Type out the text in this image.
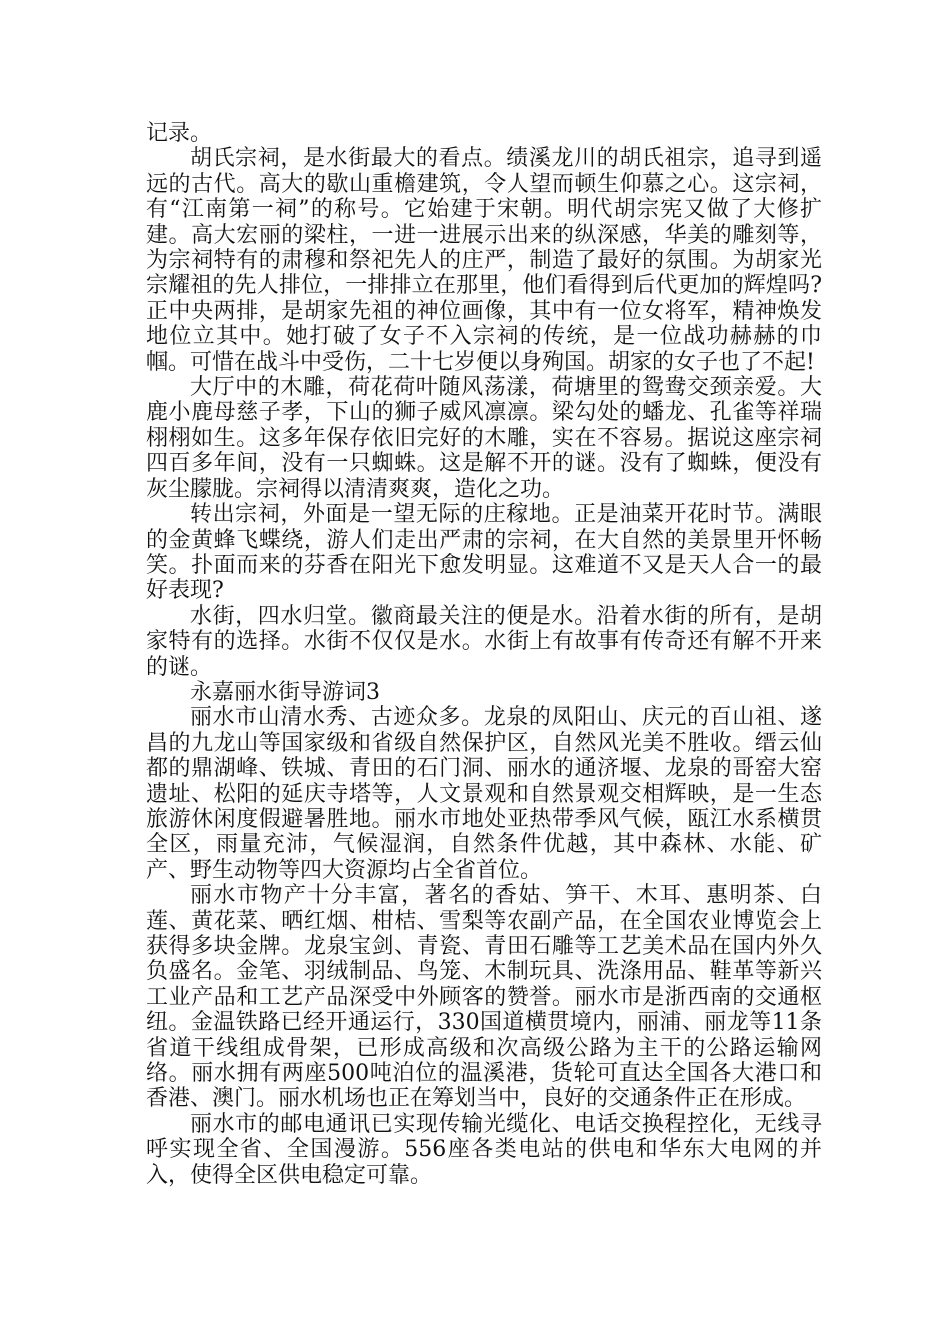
记录。

胡氏宗祠，是水街最大的看点。绩溪龙川的胡氏祖宗，追寻到遥远的古代。高大的歇山重檐建筑，令人望而顿生仰慕之心。这宗祠，有“江南第一祠”的称号。它始建于宋朝。明代胡宗宪又做了大修扩建。高大宏丽的梁柱，一进一进展示出来的纵深感，华美的雕刻等，为宗祠特有的肃穆和祭祀先人的庄严，制造了最好的氛围。为胡家光宗耀祖的先人排位，一排排立在那里，他们看得到后代更加的辉煌吗?正中央两排，是胡家先祖的神位画像，其中有一位女将军，精神焕发地位立其中。她打破了女子不入宗祠的传统，是一位战功赫赫的巾帼。可惜在战斗中受伤，二十七岁便以身殉国。胡家的女子也了不起!

大厅中的木雕，荷花荷叶随风荡漾，荷塘里的鸳鸯交颈亲爱。大鹿小鹿母慈子孝，下山的狮子威风凛凛。梁勾处的蟠龙、孔雀等祥瑞栩栩如生。这多年保存依旧完好的木雕，实在不容易。据说这座宗祠四百多年间，没有一只蜘蛛。这是解不开的谜。没有了蜘蛛，便没有灰尘朦胧。宗祠得以清清爽爽，造化之功。

转出宗祠，外面是一望无际的庄稼地。正是油菜开花时节。满眼的金黄蜂飞蝶绕，游人们走出严肃的宗祠，在大自然的美景里开怀畅笑。扑面而来的芬香在阳光下愈发明显。这难道不又是天人合一的最好表现?

水街，四水归堂。徽商最关注的便是水。沿着水街的所有，是胡家特有的选择。水街不仅仅是水。水街上有故事有传奇还有解不开来的谜。

永嘉丽水街导游词3

丽水市山清水秀、古迹众多。龙泉的凤阳山、庆元的百山祖、遂昌的九龙山等国家级和省级自然保护区，自然风光美不胜收。缙云仙都的鼎湖峰、铁城、青田的石门洞、丽水的通济堰、龙泉的哥窑大窑遗址、松阳的延庆寺塔等，人文景观和自然景观交相辉映，是一生态旅游休闲度假避暑胜地。丽水市地处亚热带季风气候，瓯江水系横贯全区，雨量充沛，气候湿润，自然条件优越，其中森林、水能、矿产、野生动物等四大资源均占全省首位。

丽水市物产十分丰富，著名的香姑、笋干、木耳、惠明茶、白莲、黄花菜、晒红烟、柑桔、雪梨等农副产品，在全国农业博览会上获得多块金牌。龙泉宝剑、青瓷、青田石雕等工艺美术品在国内外久负盛名。金笔、羽绒制品、鸟笼、木制玩具、洗涤用品、鞋革等新兴工业产品和工艺产品深受中外顾客的赞誉。丽水市是浙西南的交通枢纽。金温铁路已经开通运行，330国道横贯境内，丽浦、丽龙等11条省道干线组成骨架，已形成高级和次高级公路为主干的公路运输网络。丽水拥有两座500吨泊位的温溪港，货轮可直达全国各大港口和香港、澳门。丽水机场也正在筹划当中，良好的交通条件正在形成。

丽水市的邮电通讯已实现传输光缆化、电话交换程控化，无线寻呼实现全省、全国漫游。556座各类电站的供电和华东大电网的并入，使得全区供电稳定可靠。
